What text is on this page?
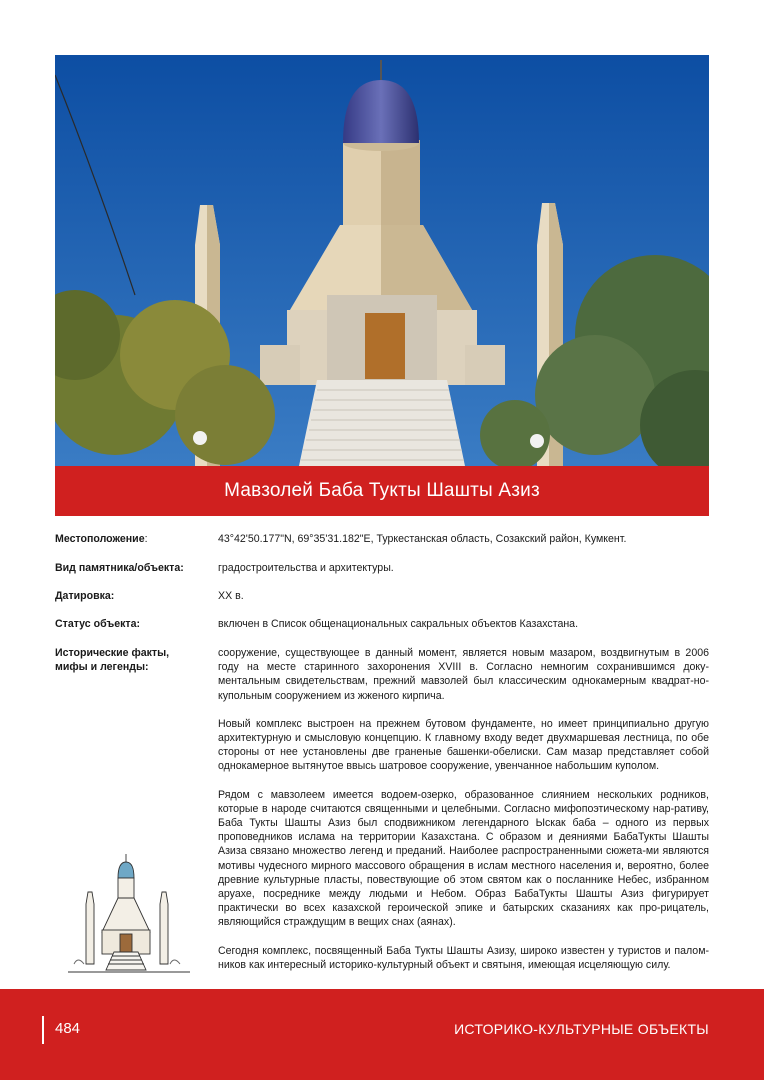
Мавзолей Баба Тукты Шашты Азиз
Местоположение:	43°42'50.177"N, 69°35'31.182"E, Туркестанская область, Созакский район, Кумкент.
Вид памятника/объекта:	градостроительства и архитектуры.
Датировка:	XX в.
Статус объекта:	включен в Список общенациональных сакральных объектов Казахстана.
Исторические факты,
мифы и легенды:

сооружение, существующее в данный момент, является новым мазаром, воздвигнутым в 2006 году на месте старинного захоронения XVIII в. Согласно немногим сохранившимся доку-ментальным свидетельствам, прежний мавзолей был классическим однокамерным квадрат-но-купольным сооружением из жженого кирпича.

Новый комплекс выстроен на прежнем бутовом фундаменте, но имеет принципиально другую архитектурную и смысловую концепцию. К главному входу ведет двухмаршевая лестница, по обе стороны от нее установлены две граненые башенки-обелиски. Сам мазар представляет собой однокамерное вытянутое ввысь шатровое сооружение, увенчанное набольшим куполом.

Рядом с мавзолеем имеется водоем-озерко, образованное слиянием нескольких родников, которые в народе считаются священными и целебными. Согласно мифопоэтическому нар-ративу, Баба Тукты Шашты Азиз был сподвижником легендарного Ыскак баба – одного из первых проповедников ислама на территории Казахстана. С образом и деяниями БабаТукты Шашты Азиза связано множество легенд и преданий. Наиболее распространенными сюжета-ми являются мотивы чудесного мирного массового обращения в ислам местного населения и, вероятно, более древние культурные пласты, повествующие об этом святом как о посланнике Небес, избранном аруахе, посреднике между людьми и Небом. Образ БабаТукты Шашты Азиз фигурирует практически во всех казахской героической эпике и батырских сказаниях как про-рицатель, являющийся страждущим в вещих снах (аянах).

Сегодня комплекс, посвященный Баба Тукты Шашты Азизу, широко известен у туристов и палом-ников как интересный историко-культурный объект и святыня, имеющая исцеляющую силу.

484	ИСТОРИКО-КУЛЬТУРНЫЕ ОБЪЕКТЫ
